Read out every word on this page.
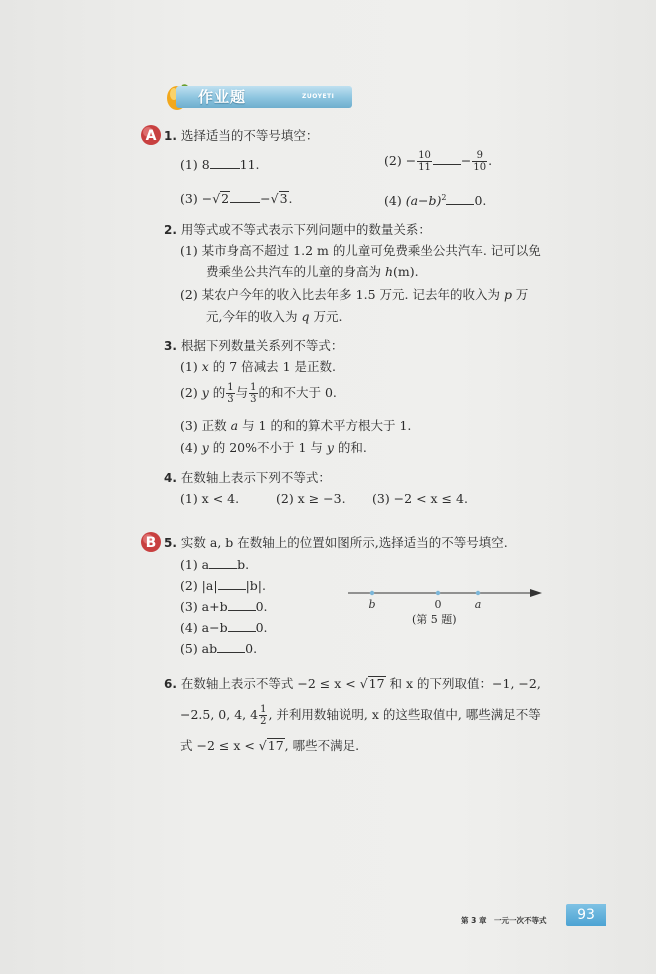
作业题	ZUOYETI
A 1. 选择适当的不等号填空：
(1) 8 11.	$(2) - \frac{10}{11} - \frac{9}{10}$ .
(3) −√2 −√3.	(4) $(a-b)^2$ 0.
2. 用等式或不等式表示下列问题中的数量关系：
(1) 某市身高不超过 1.2 m 的儿童可免费乘坐公共汽车. 记可以免
费乘坐公共汽车的儿童的身高为 h(m).
(2) 某农户今年的收入比去年多 1.5 万元. 记去年的收入为 p 万
元,今年的收入为 q 万元.
3. 根据下列数量关系列不等式：
(1) x 的 7 倍减去 1 是正数.
(2) y 的 $\frac{1}{3}$ 与 $\frac{1}{3}$ 的和不大于 0.
(3) 正数 a 与 1 的和的算术平方根大于 1.
(4) y 的 20%不小于 1 与 y 的和.
4. 在数轴上表示下列不等式：
(1) x < 4.	(2) x ≥ −3. (3) −2 < x ≤ 4.
B 5. 实数 a, b 在数轴上的位置如图所示,选择适当的不等号填空.
(1) a b.
(2) |a| |b|.
(3) a+b 0.
(4) a−b 0.
(5) ab 0.
b	0	a
(第 5 题)
6. 在数轴上表示不等式 −2 ≤ x < √17 和 x 的下列取值：−1, −2,
−2.5, 0, 4, $4 \frac{1}{2}$ , 并利用数轴说明, x 的这些取值中, 哪些满足不等
式 −2 ≤ x < √17, 哪些不满足.
第 3 章　一元一次不等式	93
